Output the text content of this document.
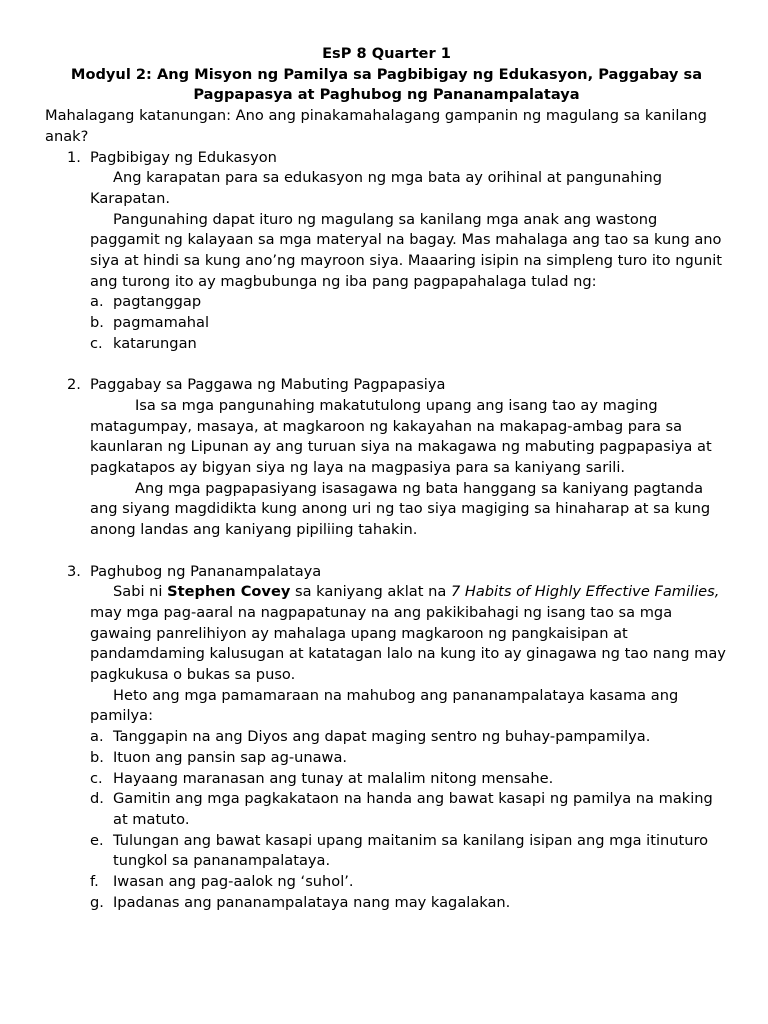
EsP 8 Quarter 1

Modyul 2: Ang Misyon ng Pamilya sa Pagbibigay ng Edukasyon, Paggabay sa

Pagpapasya at Paghubog ng Pananampalataya

Mahalagang katanungan: Ano ang pinakamahalagang gampanin ng magulang sa kanilang anak?

1. Pagbibigay ng Edukasyon

Ang karapatan para sa edukasyon ng mga bata ay orihinal at pangunahing Karapatan.

Pangunahing dapat ituro ng magulang sa kanilang mga anak ang wastong paggamit ng kalayaan sa mga materyal na bagay. Mas mahalaga ang tao sa kung ano siya at hindi sa kung ano’ng mayroon siya. Maaaring isipin na simpleng turo ito ngunit ang turong ito ay magbubunga ng iba pang pagpapahalaga tulad ng:

a. pagtanggap
b. pagmamahal
c. katarungan
2. Paggabay sa Paggawa ng Mabuting Pagpapasiya

Isa sa mga pangunahing makatutulong upang ang isang tao ay maging matagumpay, masaya, at magkaroon ng kakayahan na makapag-ambag para sa kaunlaran ng Lipunan ay ang turuan siya na makagawa ng mabuting pagpapasiya at pagkatapos ay bigyan siya ng laya na magpasiya para sa kaniyang sarili.

Ang mga pagpapasiyang isasagawa ng bata hanggang sa kaniyang pagtanda ang siyang magdidikta kung anong uri ng tao siya magiging sa hinaharap at sa kung anong landas ang kaniyang pipiliing tahakin.

3. Paghubog ng Pananampalataya

Sabi ni Stephen Covey sa kaniyang aklat na 7 Habits of Highly Effective Families, may mga pag-aaral na nagpapatunay na ang pakikibahagi ng isang tao sa mga gawaing panrelihiyon ay mahalaga upang magkaroon ng pangkaisipan at pandamdaming kalusugan at katatagan lalo na kung ito ay ginagawa ng tao nang may pagkukusa o bukas sa puso.

Heto ang mga pamamaraan na mahubog ang pananampalataya kasama ang pamilya:

a. Tanggapin na ang Diyos ang dapat maging sentro ng buhay-pampamilya.
b. Ituon ang pansin sap ag-unawa.
c. Hayaang maranasan ang tunay at malalim nitong mensahe.
d. Gamitin ang mga pagkakataon na handa ang bawat kasapi ng pamilya na making at matuto.
e. Tulungan ang bawat kasapi upang maitanim sa kanilang isipan ang mga itinuturo tungkol sa pananampalataya.
f. Iwasan ang pag-aalok ng ‘suhol’.
g. Ipadanas ang pananampalataya nang may kagalakan.
